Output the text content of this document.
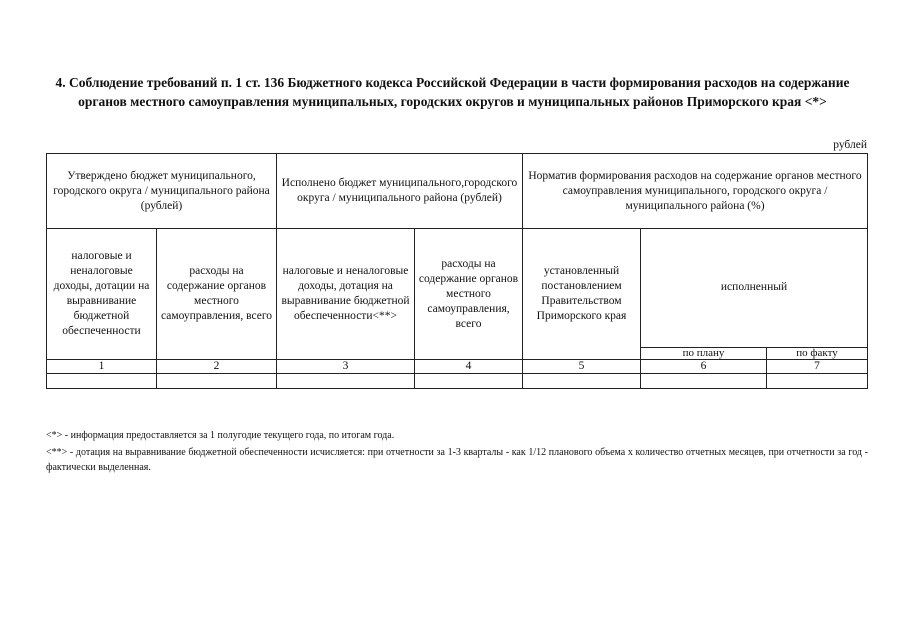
4. Соблюдение требований п. 1 ст. 136 Бюджетного кодекса Российской Федерации в части формирования расходов на содержание органов местного самоуправления муниципальных, городских округов и муниципальных районов Приморского края <*>
рублей
Утверждено бюджет муниципального, городского округа / муниципального района (рублей)		Исполнено бюджет муниципального,городского округа / муниципального района (рублей)		Норматив формирования расходов на содержание органов местного самоуправления муниципального, городского округа / муниципального района (%)		
налоговые и неналоговые доходы, дотации на выравнивание бюджетной обеспеченности	расходы на содержание органов местного самоуправления, всего	налоговые и неналоговые доходы, дотация на выравнивание бюджетной обеспеченности<**>	расходы на содержание органов местного самоуправления, всего	установленный постановлением Правительством Приморского края	исполненный	
					по плану	по факту
1	2	3	4	5	6	7

<*> - информация предоставляется за 1 полугодие текущего года, по итогам года.
<**> - дотация на выравнивание бюджетной обеспеченности исчисляется: при отчетности за 1-3 кварталы - как 1/12 планового объема х количество отчетных месяцев, при отчетности за год - фактически выделенная.
